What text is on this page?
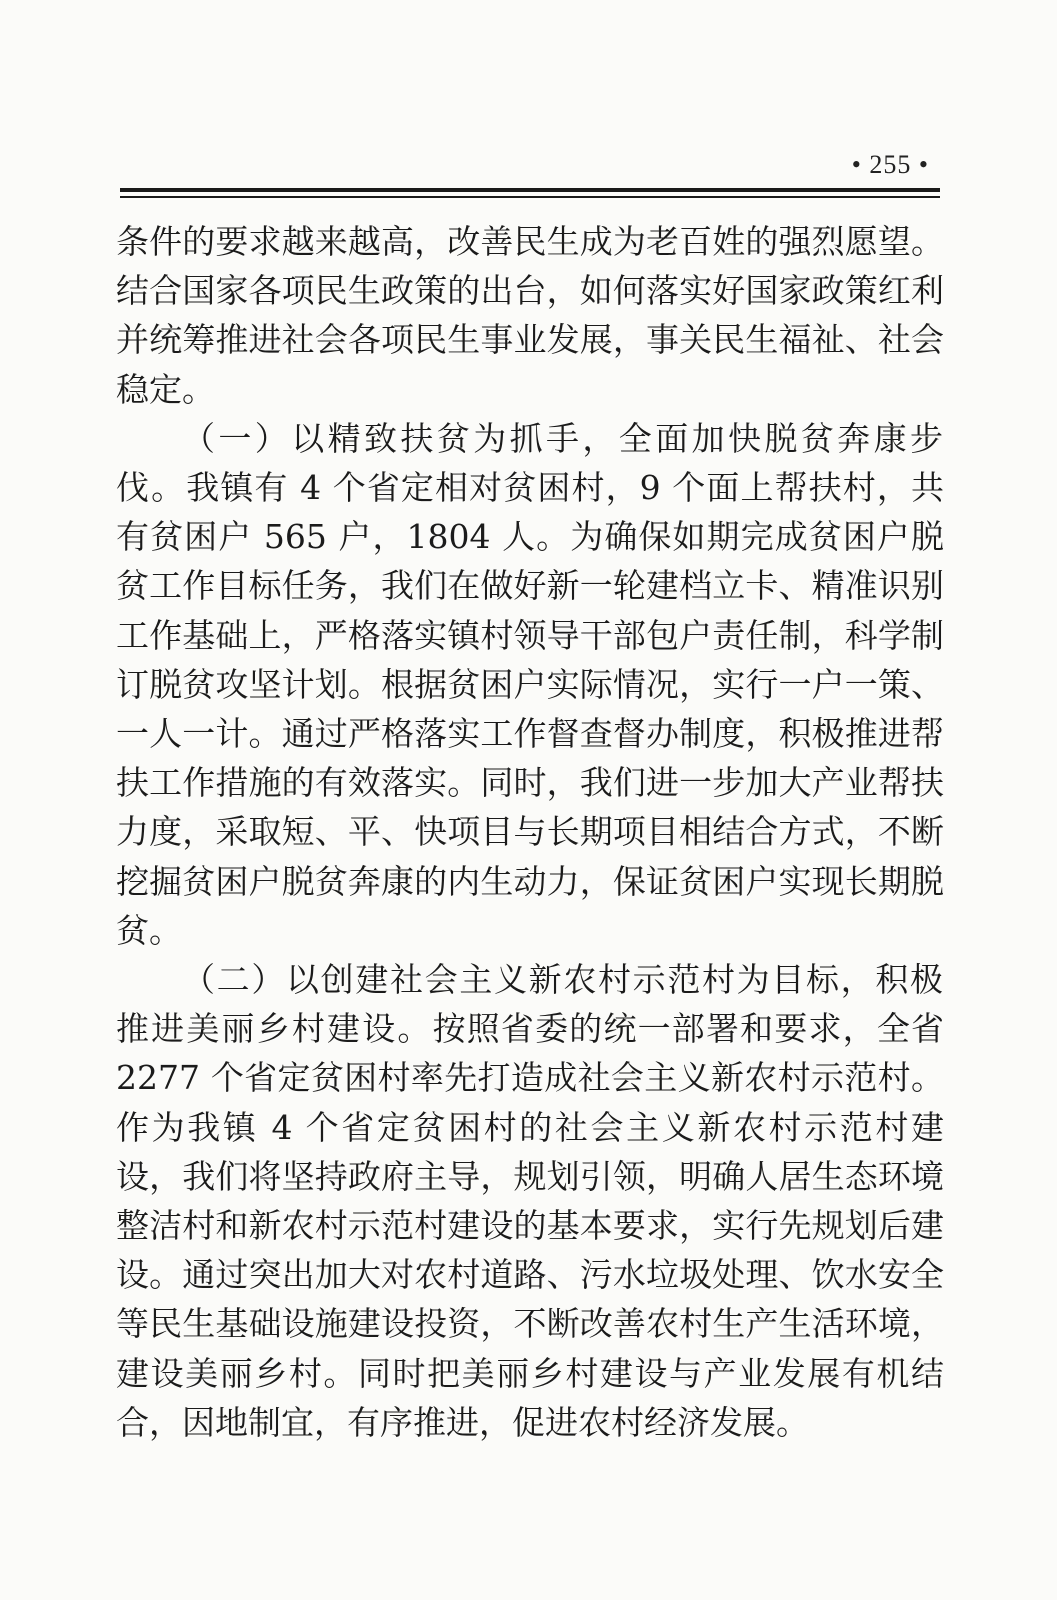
• 255 •

条件的要求越来越高，改善民生成为老百姓的强烈愿望。结合国家各项民生政策的出台，如何落实好国家政策红利并统筹推进社会各项民生事业发展，事关民生福祉、社会稳定。

（一）以精致扶贫为抓手，全面加快脱贫奔康步伐。我镇有 4 个省定相对贫困村，9 个面上帮扶村，共有贫困户 565 户，1804 人。为确保如期完成贫困户脱贫工作目标任务，我们在做好新一轮建档立卡、精准识别工作基础上，严格落实镇村领导干部包户责任制，科学制订脱贫攻坚计划。根据贫困户实际情况，实行一户一策、一人一计。通过严格落实工作督查督办制度，积极推进帮扶工作措施的有效落实。同时，我们进一步加大产业帮扶力度，采取短、平、快项目与长期项目相结合方式，不断挖掘贫困户脱贫奔康的内生动力，保证贫困户实现长期脱贫。

（二）以创建社会主义新农村示范村为目标，积极推进美丽乡村建设。按照省委的统一部署和要求，全省 2277 个省定贫困村率先打造成社会主义新农村示范村。作为我镇 4 个省定贫困村的社会主义新农村示范村建设，我们将坚持政府主导，规划引领，明确人居生态环境整洁村和新农村示范村建设的基本要求，实行先规划后建设。通过突出加大对农村道路、污水垃圾处理、饮水安全等民生基础设施建设投资，不断改善农村生产生活环境，建设美丽乡村。同时把美丽乡村建设与产业发展有机结合，因地制宜，有序推进，促进农村经济发展。
